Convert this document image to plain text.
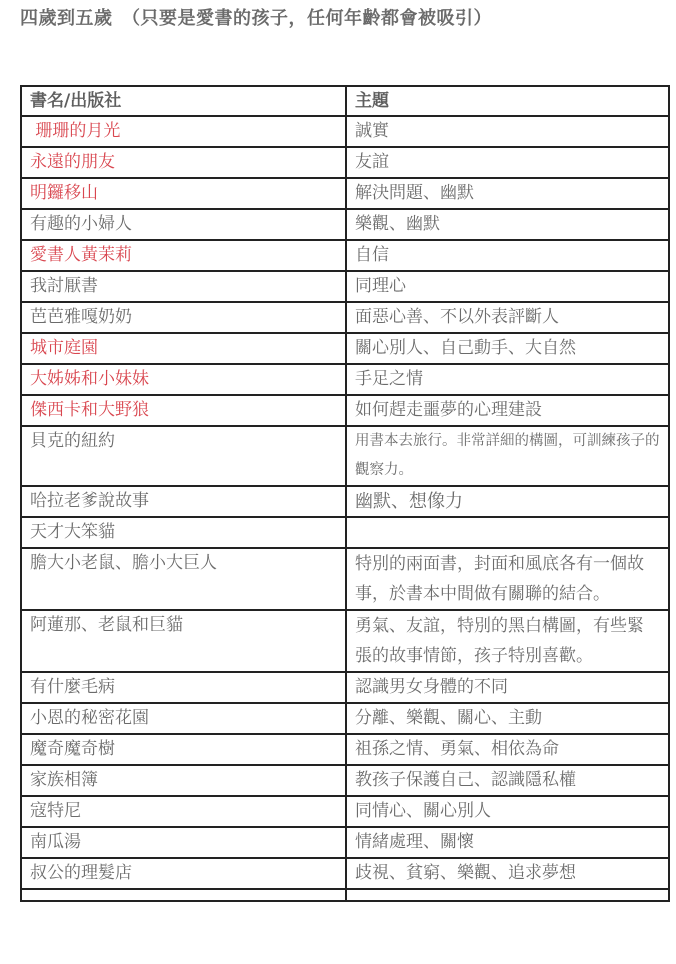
四歲到五歲　（只要是愛書的孩子，任何年齡都會被吸引）
書名/出版社	主題
珊珊的月光	誠實
永遠的朋友	友誼
明鑼移山	解決問題、幽默
有趣的小婦人	樂觀、幽默
愛書人黃茉莉	自信
我討厭書	同理心
芭芭雅嘎奶奶	面惡心善、不以外表評斷人
城市庭園	關心別人、自己動手、大自然
大姊姊和小妹妹	手足之情
傑西卡和大野狼	如何趕走噩夢的心理建設
貝克的紐約	用書本去旅行。非常詳細的構圖，可訓練孩子的觀察力。
哈拉老爹說故事	幽默、想像力
天才大笨貓	
膽大小老鼠、膽小大巨人	特別的兩面書，封面和風底各有一個故事，於書本中間做有關聯的結合。
阿蓮那、老鼠和巨貓	勇氣、友誼，特別的黑白構圖，有些緊張的故事情節，孩子特別喜歡。
有什麼毛病	認識男女身體的不同
小恩的秘密花園	分離、樂觀、關心、主動
魔奇魔奇樹	祖孫之情、勇氣、相依為命
家族相簿	教孩子保護自己、認識隱私權
寇特尼	同情心、關心別人
南瓜湯	情緒處理、關懷
叔公的理髮店	歧視、貧窮、樂觀、追求夢想
